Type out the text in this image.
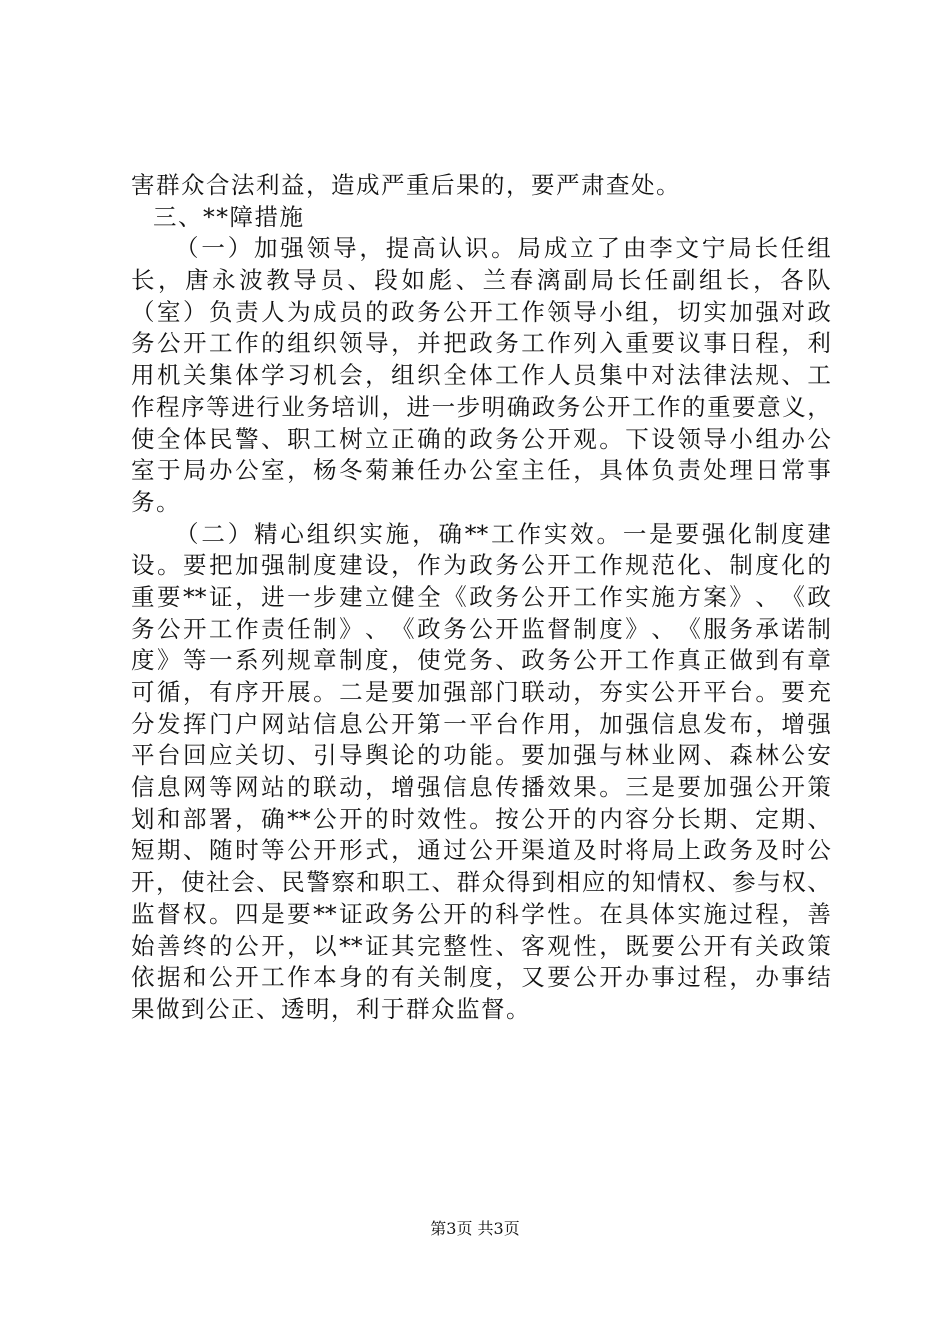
害群众合法利益，造成严重后果的，要严肃查处。
三、**障措施
（ 一 ） 加 强 领 导 ， 提 高 认 识 。 局 成 立 了 由 李 文 宁 局 长 任 组
长 ， 唐 永 波 教 导 员 、 段 如 彪 、 兰 春 漓 副 局 长 任 副 组 长 ， 各 队
（ 室 ） 负 责 人 为 成 员 的 政 务 公 开 工 作 领 导 小 组 ， 切 实 加 强 对 政
务 公 开 工 作 的 组 织 领 导 ， 并 把 政 务 工 作 列 入 重 要 议 事 日 程 ， 利
用 机 关 集 体 学 习 机 会 ， 组 织 全 体 工 作 人 员 集 中 对 法 律 法 规 、 工
作 程 序 等 进 行 业 务 培 训 ， 进 一 步 明 确 政 务 公 开 工 作 的 重 要 意 义 ，
使 全 体 民 警 、 职 工 树 立 正 确 的 政 务 公 开 观 。 下 设 领 导 小 组 办 公
室 于 局 办 公 室 ， 杨 冬 菊 兼 任 办 公 室 主 任 ， 具 体 负 责 处 理 日 常 事
务。
（ 二 ） 精 心 组 织 实 施 ， 确 ** 工 作 实 效 。 一 是 要 强 化 制 度 建
设 。 要 把 加 强 制 度 建 设 ， 作 为 政 务 公 开 工 作 规 范 化 、 制 度 化 的
重 要 ** 证 ， 进 一 步 建 立 健 全 《 政 务 公 开 工 作 实 施 方 案 》 、 《 政
务 公 开 工 作 责 任 制 》 、 《 政 务 公 开 监 督 制 度 》 、 《 服 务 承 诺 制
度 》 等 一 系 列 规 章 制 度 ， 使 党 务 、 政 务 公 开 工 作 真 正 做 到 有 章
可 循 ， 有 序 开 展 。 二 是 要 加 强 部 门 联 动 ， 夯 实 公 开 平 台 。 要 充
分 发 挥 门 户 网 站 信 息 公 开 第 一 平 台 作 用 ， 加 强 信 息 发 布 ， 增 强
平 台 回 应 关 切 、 引 导 舆 论 的 功 能 。 要 加 强 与 林 业 网 、 森 林 公 安
信 息 网 等 网 站 的 联 动 ， 增 强 信 息 传 播 效 果 。 三 是 要 加 强 公 开 策
划 和 部 署 ， 确 ** 公 开 的 时 效 性 。 按 公 开 的 内 容 分 长 期 、 定 期 、
短 期 、 随 时 等 公 开 形 式 ， 通 过 公 开 渠 道 及 时 将 局 上 政 务 及 时 公
开 ， 使 社 会 、 民 警 察 和 职 工 、 群 众 得 到 相 应 的 知 情 权 、 参 与 权 、
监 督 权 。 四 是 要 ** 证 政 务 公 开 的 科 学 性 。 在 具 体 实 施 过 程 ， 善
始 善 终 的 公 开 ， 以 ** 证 其 完 整 性 、 客 观 性 ， 既 要 公 开 有 关 政 策
依 据 和 公 开 工 作 本 身 的 有 关 制 度 ， 又 要 公 开 办 事 过 程 ， 办 事 结
果做到公正、透明，利于群众监督。
第3页 共3页
